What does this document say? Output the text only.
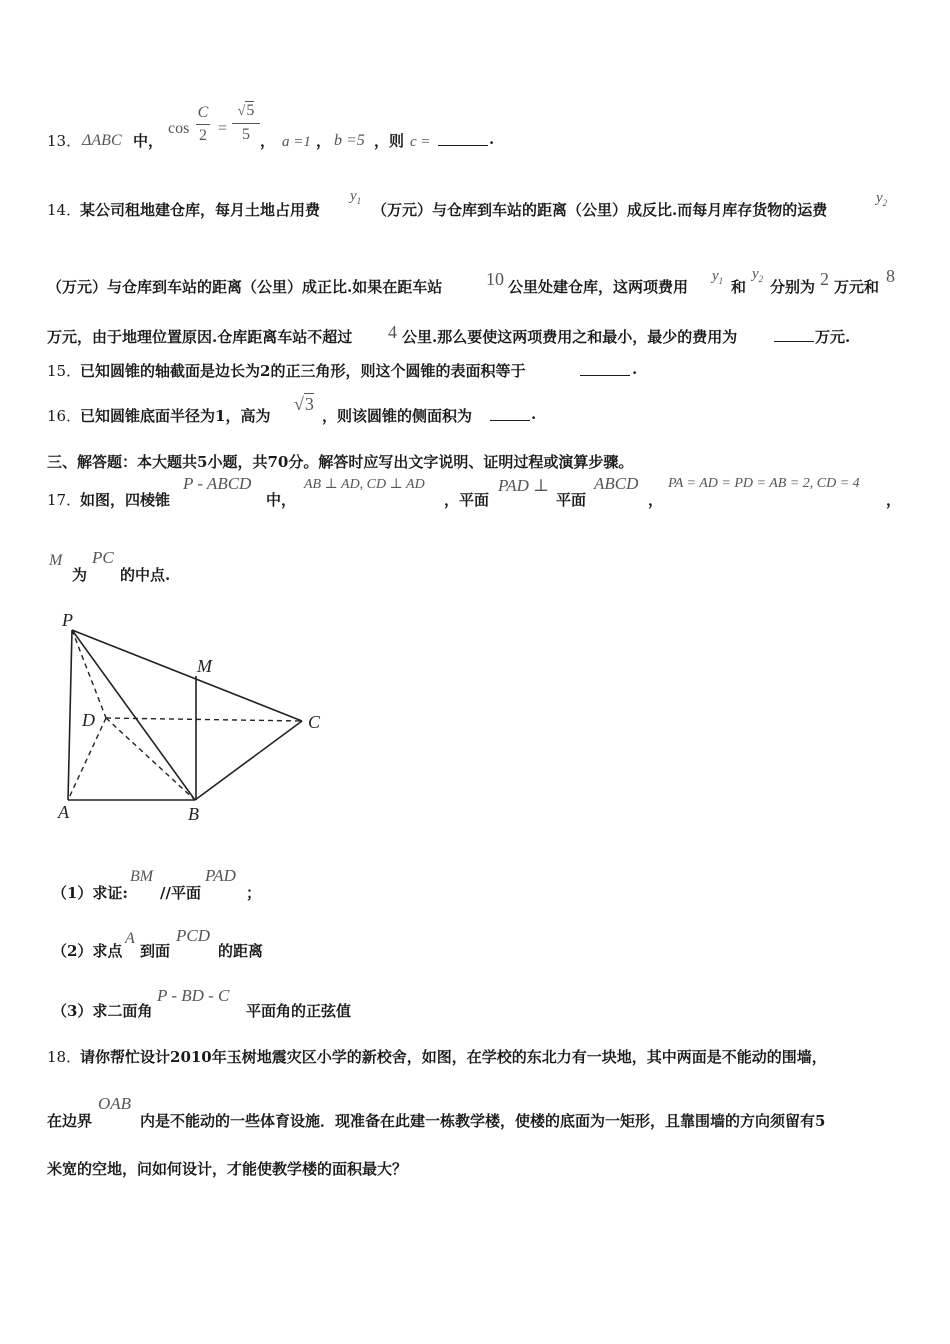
13． ΔABC 中，
$\cos \frac{C}{2} = \frac{√5}{5}$ ， a =1 ， b =5 ，则 c =	.
14．
某公司租地建仓库，每月土地占用费
$y_1$ （万元）与仓库到车站的距离（公里）成反比.而每月库存货物的运费
$y_2$
（万元）与仓库到车站的距离（公里）成正比.如果在距车站 10 公里处建仓库，这两项费用
$y_1$ 和
$y_2$ 分别为 2 万元和
8
万元，由于地理位置原因.仓库距离车站不超过 4 公里.那么要使这两项费用之和最小，最少的费用为	万元.
15．
已知圆锥的轴截面是边长为2的正三角形，则这个圆锥的表面积等于	.
16．
已知圆锥底面半径为1，高为
√3
，则该圆锥的侧面积为	.
三、解答题：本大题共5小题，共70分。解答时应写出文字说明、证明过程或演算步骤。
17．
如图，四棱锥
P - ABCD
中，
AB ⊥ AD, CD ⊥ AD
，平面
PAD ⊥
平面
ABCD
，
PA = AD = PD = AB = 2, CD = 4
，
M
为
PC
的中点.
P
M
D	C
A	B
（1）求证:
BM
//平面
PAD
；
（2）求点
A
到面
PCD
的距离
（3）求二面角
P - BD - C
平面角的正弦值
18．
请你帮忙设计2010年玉树地震灾区小学的新校舍，如图，在学校的东北力有一块地，其中两面是不能动的围墙，
在边界
OAB
内是不能动的一些体育设施．现准备在此建一栋教学楼，使楼的底面为一矩形，且靠围墙的方向须留有5
米宽的空地，问如何设计，才能使教学楼的面积最大？
